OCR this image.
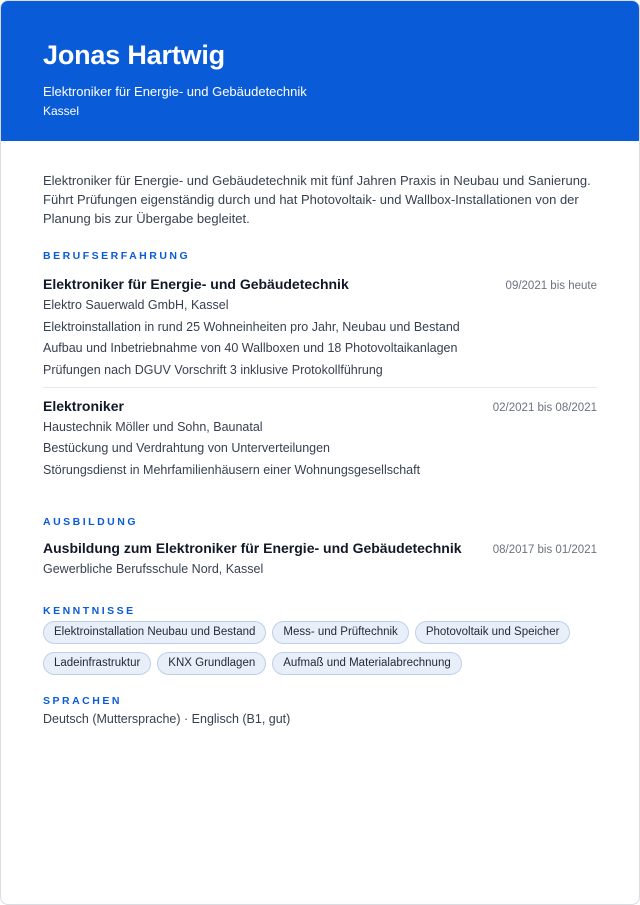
Jonas Hartwig
Elektroniker für Energie- und Gebäudetechnik
Kassel

Elektroniker für Energie- und Gebäudetechnik mit fünf Jahren Praxis in Neubau und Sanierung. Führt Prüfungen eigenständig durch und hat Photovoltaik- und Wallbox-Installationen von der Planung bis zur Übergabe begleitet.

BERUFSERFAHRUNG
Elektroniker für Energie- und Gebäudetechnik	09/2021 bis heute
Elektro Sauerwald GmbH, Kassel
Elektroinstallation in rund 25 Wohneinheiten pro Jahr, Neubau und Bestand
Aufbau und Inbetriebnahme von 40 Wallboxen und 18 Photovoltaikanlagen
Prüfungen nach DGUV Vorschrift 3 inklusive Protokollführung
Elektroniker	02/2021 bis 08/2021
Haustechnik Möller und Sohn, Baunatal
Bestückung und Verdrahtung von Unterverteilungen
Störungsdienst in Mehrfamilienhäusern einer Wohnungsgesellschaft
AUSBILDUNG
Ausbildung zum Elektroniker für Energie- und Gebäudetechnik	08/2017 bis 01/2021
Gewerbliche Berufsschule Nord, Kassel
KENNTNISSE
Elektroinstallation Neubau und Bestand	Mess- und Prüftechnik	Photovoltaik und Speicher
Ladeinfrastruktur	KNX Grundlagen	Aufmaß und Materialabrechnung
SPRACHEN
Deutsch (Muttersprache) · Englisch (B1, gut)
